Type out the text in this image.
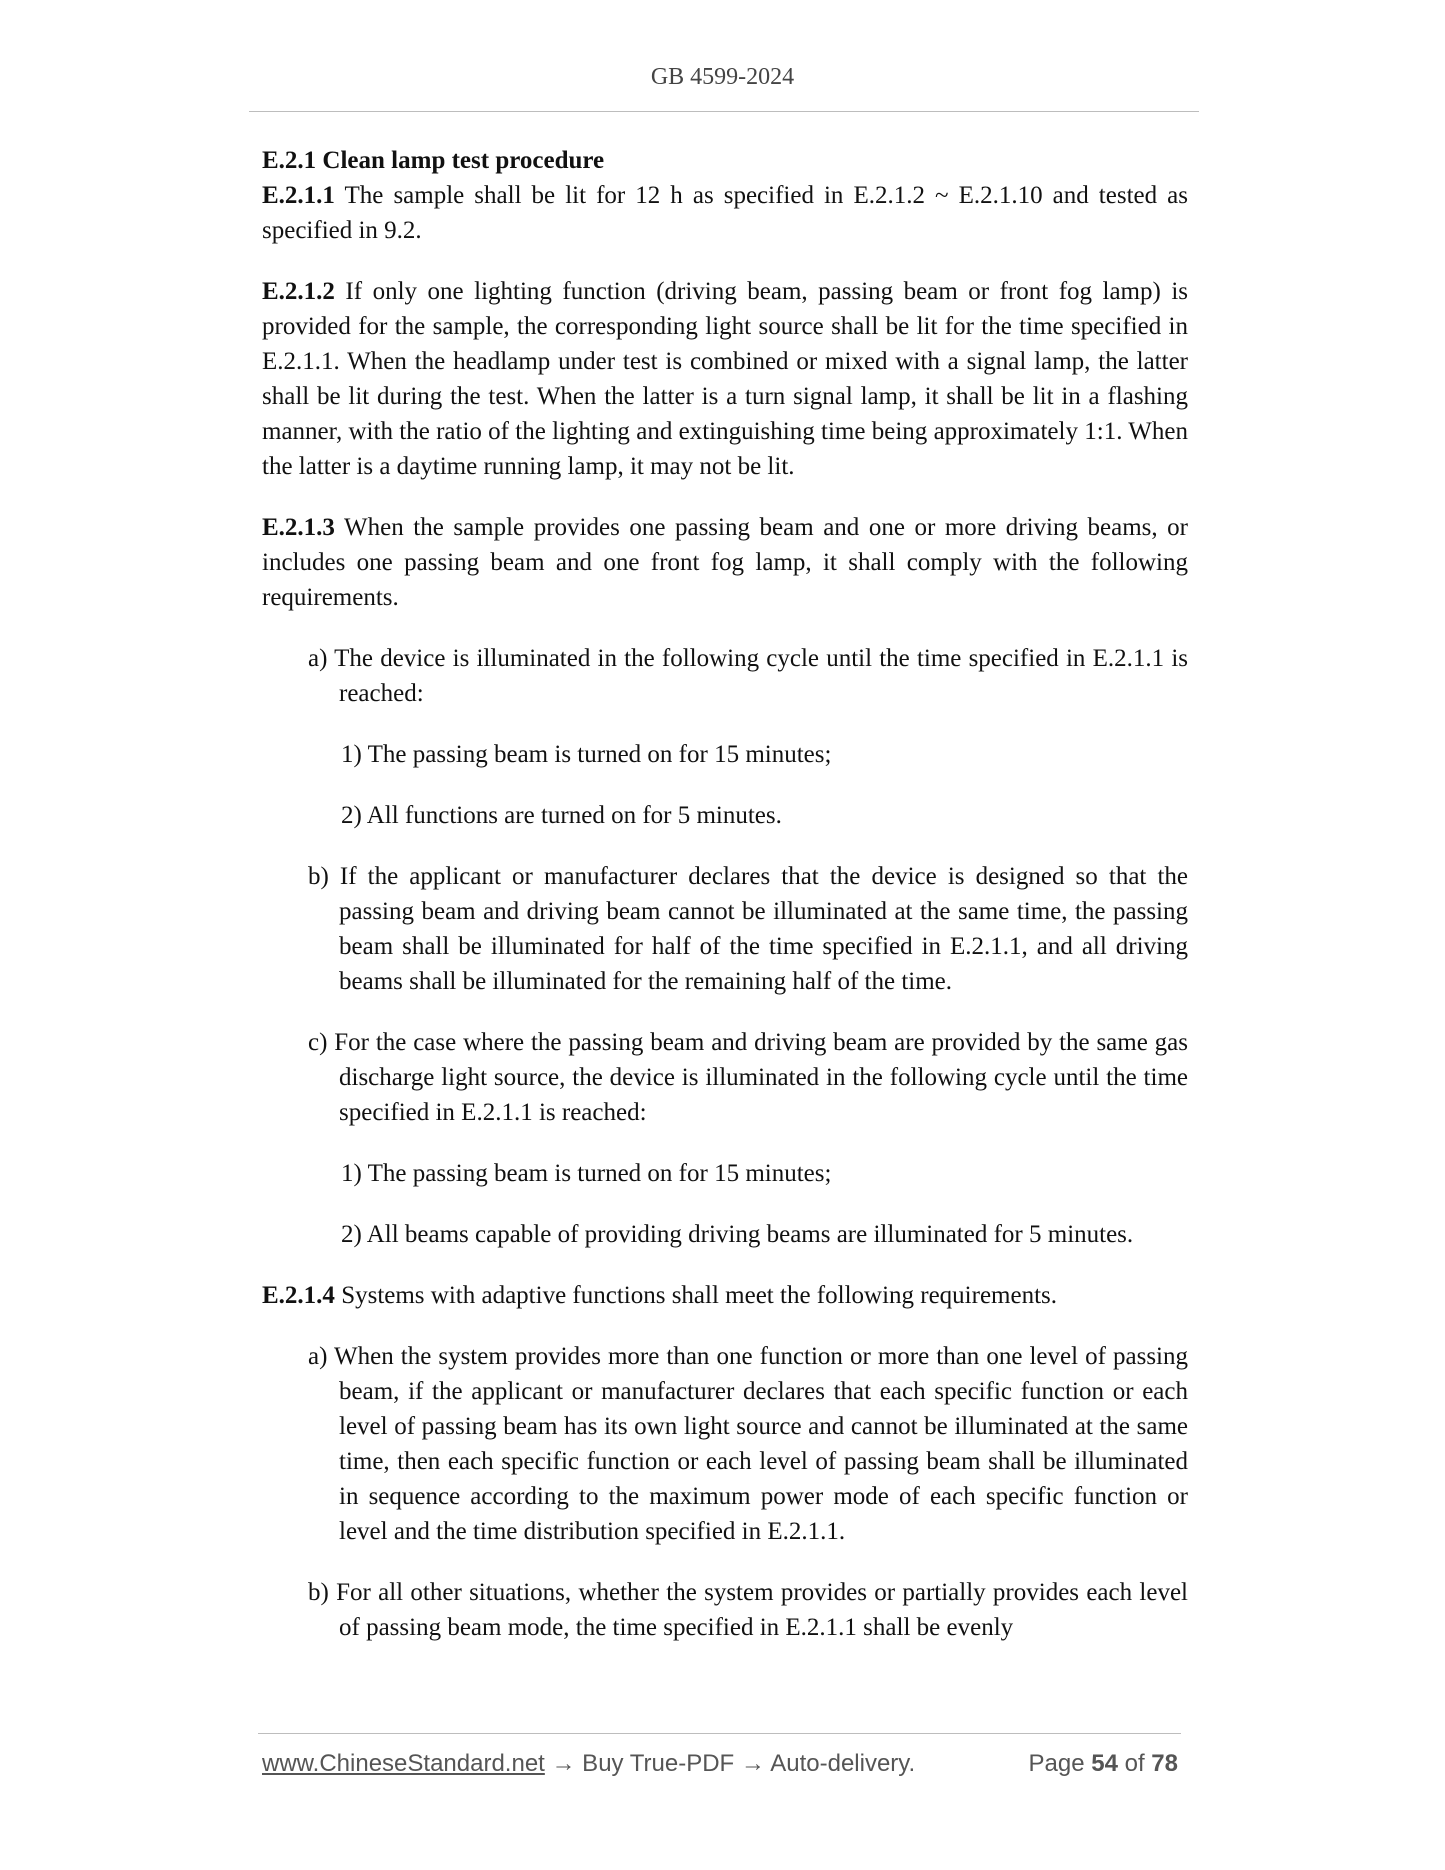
GB 4599-2024

E.2.1 Clean lamp test procedure

E.2.1.1 The sample shall be lit for 12 h as specified in E.2.1.2 ~ E.2.1.10 and tested as specified in 9.2.

E.2.1.2 If only one lighting function (driving beam, passing beam or front fog lamp) is provided for the sample, the corresponding light source shall be lit for the time specified in E.2.1.1. When the headlamp under test is combined or mixed with a signal lamp, the latter shall be lit during the test. When the latter is a turn signal lamp, it shall be lit in a flashing manner, with the ratio of the lighting and extinguishing time being approximately 1:1. When the latter is a daytime running lamp, it may not be lit.

E.2.1.3 When the sample provides one passing beam and one or more driving beams, or includes one passing beam and one front fog lamp, it shall comply with the following requirements.

a) The device is illuminated in the following cycle until the time specified in E.2.1.1 is reached:

1) The passing beam is turned on for 15 minutes;

2) All functions are turned on for 5 minutes.

b) If the applicant or manufacturer declares that the device is designed so that the passing beam and driving beam cannot be illuminated at the same time, the passing beam shall be illuminated for half of the time specified in E.2.1.1, and all driving beams shall be illuminated for the remaining half of the time.

c) For the case where the passing beam and driving beam are provided by the same gas discharge light source, the device is illuminated in the following cycle until the time specified in E.2.1.1 is reached:

1) The passing beam is turned on for 15 minutes;

2) All beams capable of providing driving beams are illuminated for 5 minutes.

E.2.1.4 Systems with adaptive functions shall meet the following requirements.

a) When the system provides more than one function or more than one level of passing beam, if the applicant or manufacturer declares that each specific function or each level of passing beam has its own light source and cannot be illuminated at the same time, then each specific function or each level of passing beam shall be illuminated in sequence according to the maximum power mode of each specific function or level and the time distribution specified in E.2.1.1.

b) For all other situations, whether the system provides or partially provides each level of passing beam mode, the time specified in E.2.1.1 shall be evenly

www.ChineseStandard.net → Buy True-PDF → Auto-delivery.	Page 54 of 78
